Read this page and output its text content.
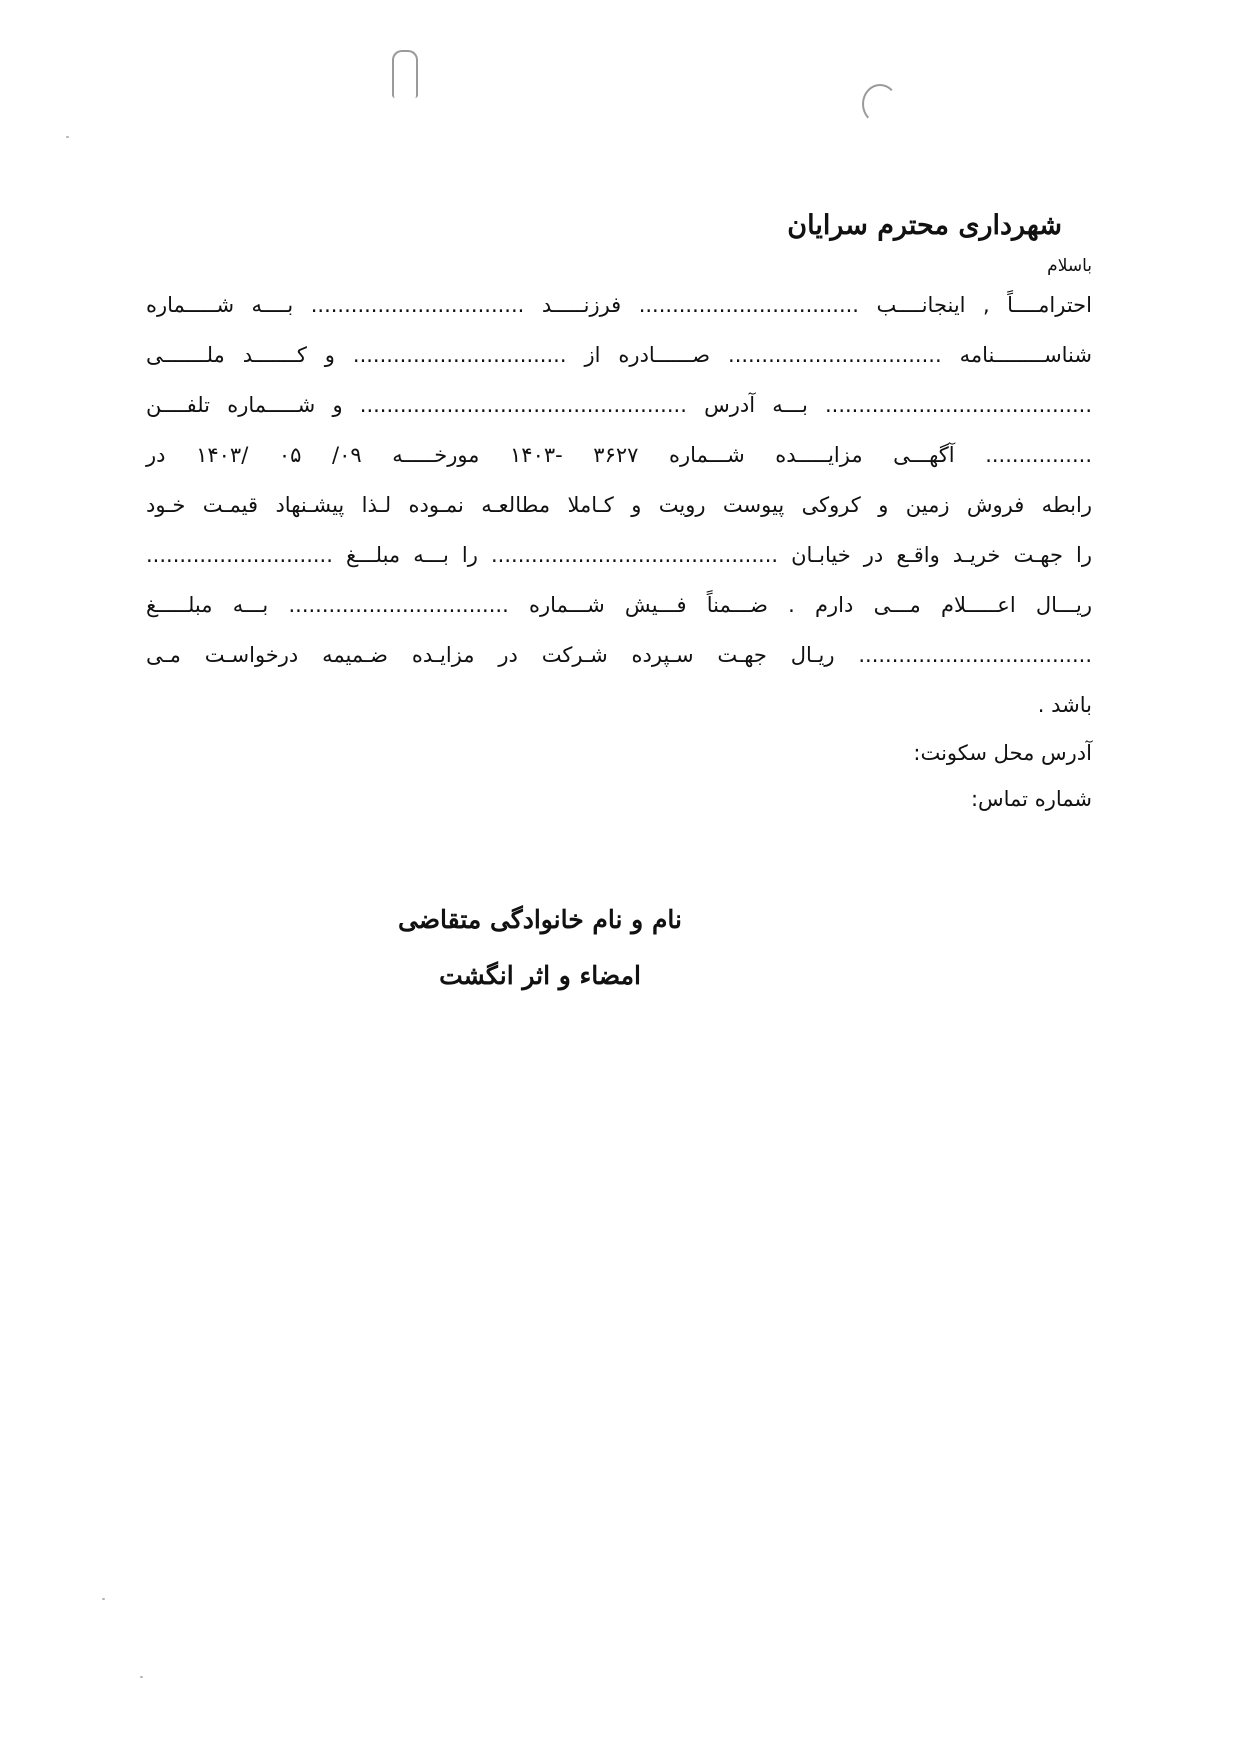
شهرداری محترم سرایان
باسلام
احترامــــاً , اینجانــــب ................................. فرزنـــــد ................................ بــــه شـــــماره
شناســــــــنامه ................................ صــــــادره از ................................ و کـــــــد ملـــــــی
........................................ بـــه آدرس ................................................. و شـــــماره تلفــــن
................ آگهـــی مزایـــــده شـــماره ۳۶۲۷ -۱۴۰۳ مورخـــــه ۰۹/ ۰۵ /۱۴۰۳ در
رابطه فروش زمین و کروکی پیوست رویت و کـاملا مطالعـه نمـوده لـذا پیشـنهاد قیمـت خـود
را جهـت خریـد واقـع در خیابـان ........................................... را بـــه مبلـــغ ............................
ریـــال اعـــــلام مـــی دارم . ضـــمناً فـــیش شـــماره ................................. بـــه مبلـــــغ
................................... ریـال جهـت سـپرده شـرکت در مزایـده ضـمیمه درخواسـت مـی
باشد .
آدرس محل سکونت:
شماره تماس:
نام و نام خانوادگی متقاضی
امضاء و اثر انگشت
